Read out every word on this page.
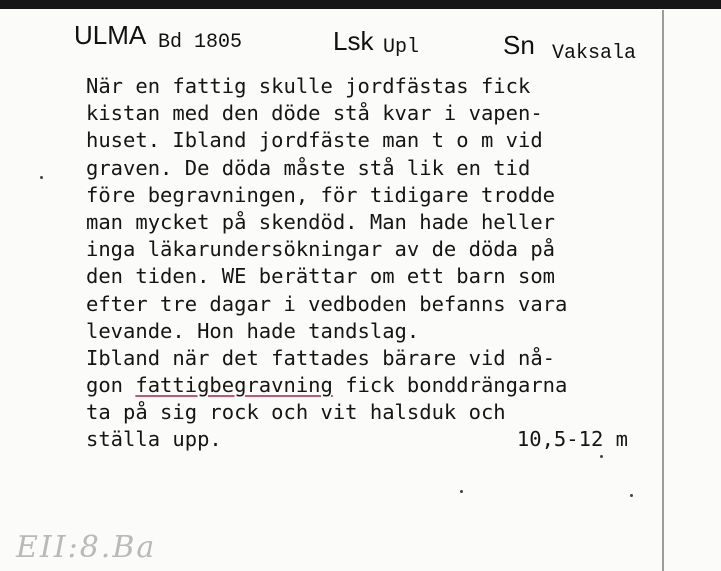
ULMA Bd 1805	Lsk Upl	Sn Vaksala
När en fattig skulle jordfästas fick
kistan med den döde stå kvar i vapen-
huset. Ibland jordfäste man t o m vid
graven. De döda måste stå lik en tid
före begravningen, för tidigare trodde
man mycket på skendöd. Man hade heller
inga läkarundersökningar av de döda på
den tiden. WE berättar om ett barn som
efter tre dagar i vedboden befanns vara
levande. Hon hade tandslag.
Ibland när det fattades bärare vid nå-
gon fattigbegravning fick bonddrängarna
ta på sig rock och vit halsduk och
ställa upp.	10,5-12 m
EII:8.Ba
